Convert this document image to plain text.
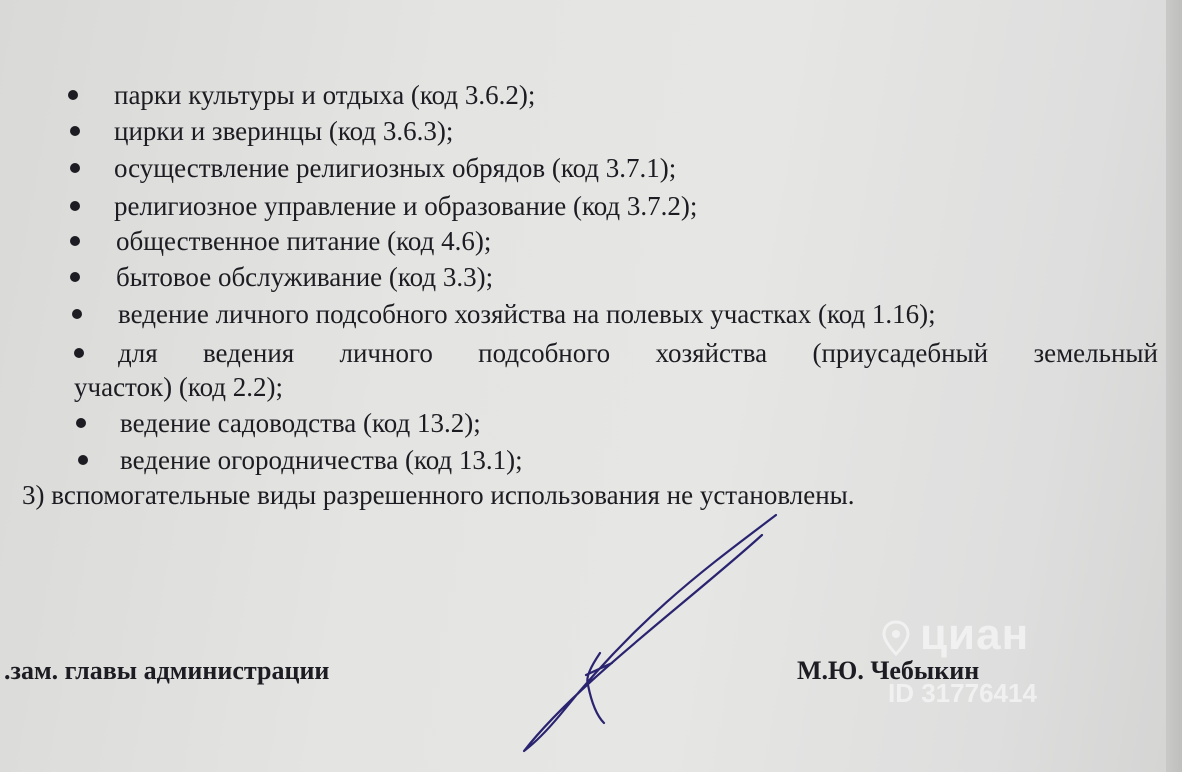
парки культуры и отдыха (код 3.6.2);
цирки и зверинцы (код 3.6.3);
осуществление религиозных обрядов (код 3.7.1);
религиозное управление и образование (код 3.7.2);
общественное питание (код 4.6);
бытовое обслуживание (код 3.3);
ведение личного подсобного хозяйства на полевых участках (код 1.16);
для ведения личного подсобного хозяйства (приусадебный земельный
участок) (код 2.2);
ведение садоводства (код 13.2);
ведение огородничества (код 13.1);
3) вспомогательные виды разрешенного использования не установлены.
.зам. главы администрации	М.Ю. Чебыкин
циан
ID 31776414
